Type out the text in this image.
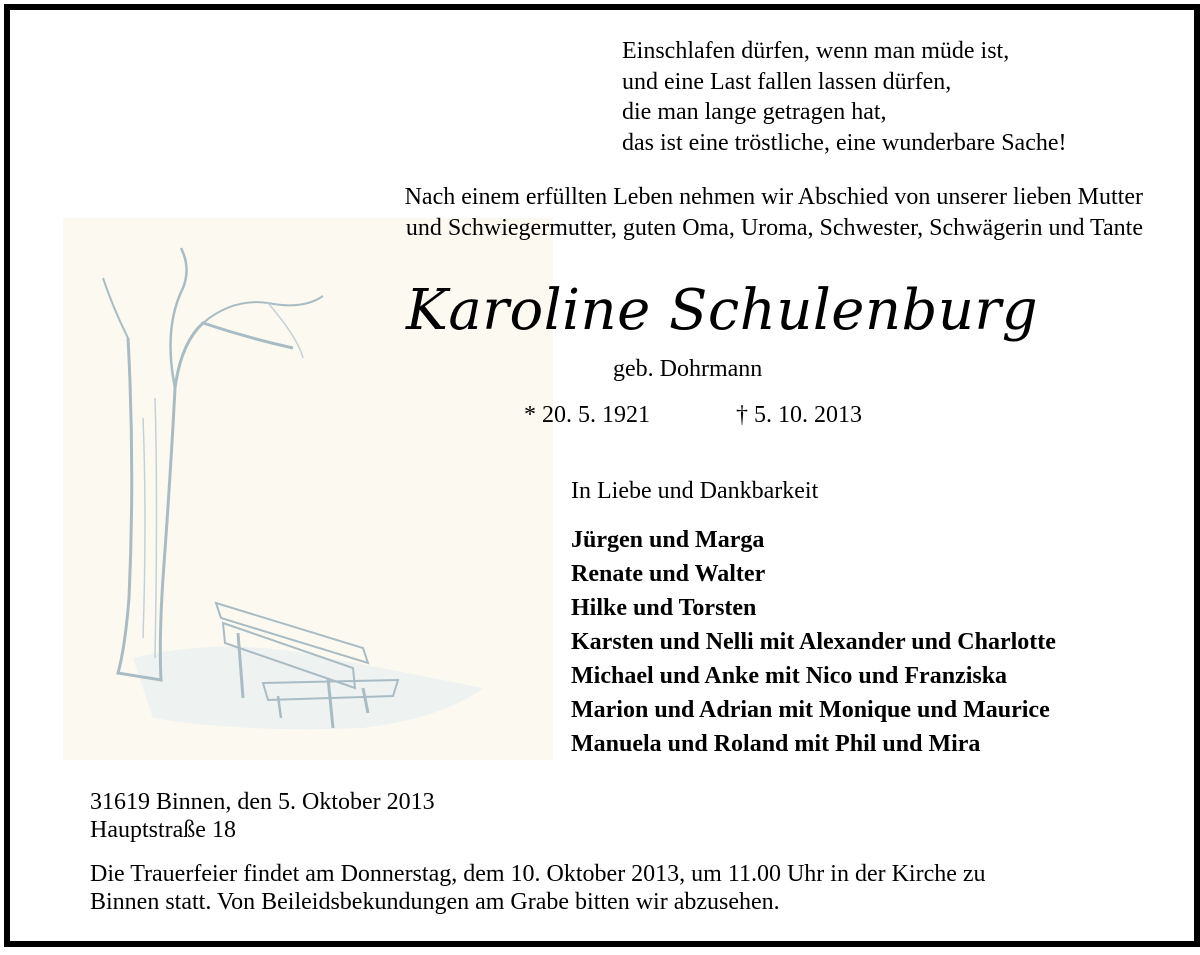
Einschlafen dürfen, wenn man müde ist,
und eine Last fallen lassen dürfen,
die man lange getragen hat,
das ist eine tröstliche, eine wunderbare Sache!
Nach einem erfüllten Leben nehmen wir Abschied von unserer lieben Mutter
und Schwiegermutter, guten Oma, Uroma, Schwester, Schwägerin und Tante
Karoline Schulenburg
geb. Dohrmann
* 20. 5. 1921	† 5. 10. 2013
In Liebe und Dankbarkeit
Jürgen und Marga
Renate und Walter
Hilke und Torsten
Karsten und Nelli mit Alexander und Charlotte
Michael und Anke mit Nico und Franziska
Marion und Adrian mit Monique und Maurice
Manuela und Roland mit Phil und Mira
31619 Binnen, den 5. Oktober 2013
Hauptstraße 18
Die Trauerfeier findet am Donnerstag, dem 10. Oktober 2013, um 11.00 Uhr in der Kirche zu
Binnen statt. Von Beileidsbekundungen am Grabe bitten wir abzusehen.
